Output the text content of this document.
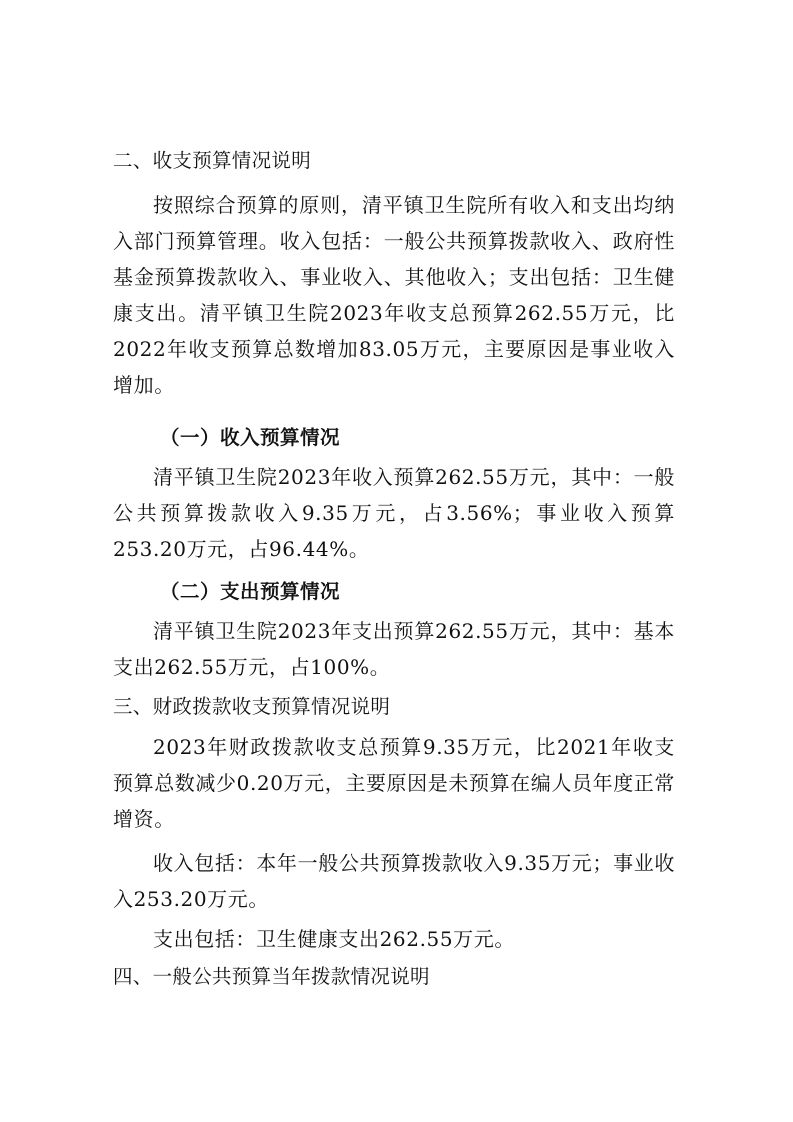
二、收支预算情况说明

按照综合预算的原则，清平镇卫生院所有收入和支出均纳入部门预算管理。收入包括：一般公共预算拨款收入、政府性基金预算拨款收入、事业收入、其他收入；支出包括：卫生健康支出。清平镇卫生院2023年收支总预算262.55万元，比2022年收支预算总数增加83.05万元，主要原因是事业收入增加。

（一）收入预算情况

清平镇卫生院2023年收入预算262.55万元，其中：一般公共预算拨款收入9.35万元，占3.56%；事业收入预算253.20万元，占96.44%。

（二）支出预算情况

清平镇卫生院2023年支出预算262.55万元，其中：基本支出262.55万元，占100%。

三、财政拨款收支预算情况说明

2023年财政拨款收支总预算9.35万元，比2021年收支预算总数减少0.20万元，主要原因是未预算在编人员年度正常增资。

收入包括：本年一般公共预算拨款收入9.35万元；事业收入253.20万元。

支出包括：卫生健康支出262.55万元。

四、一般公共预算当年拨款情况说明
